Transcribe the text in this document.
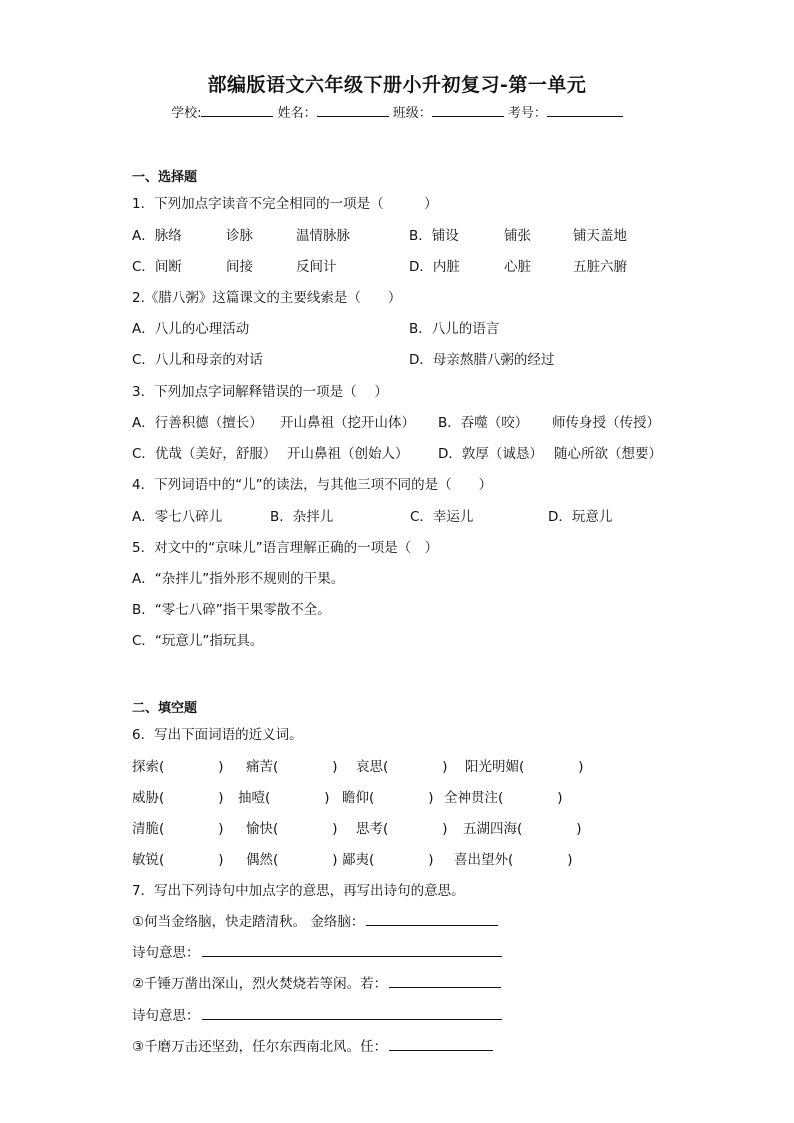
部编版语文六年级下册小升初复习-第一单元
学校:	姓名：	班级：	考号：
一、选择题
1．下列加点字读音不完全相同的一项是（　　　）
A．脉络	诊脉	温情脉脉	B．铺设	铺张	铺天盖地
C．间断	间接	反间计	D．内脏	心脏	五脏六腑
2.《腊八粥》这篇课文的主要线索是（　　）
A．八儿的心理活动	B．八儿的语言
C．八儿和母亲的对话	D．母亲熬腊八粥的经过
3．下列加点字词解释错误的一项是（　 ）
A．行善积德（擅长） 开山鼻祖（挖开山体） B．吞噬（咬） 师传身授（传授）
C．优哉（美好，舒服） 开山鼻祖（创始人） D．敦厚（诚恳） 随心所欲（想要）
4．下列词语中的“儿”的读法，与其他三项不同的是（　　）
A．零七八碎儿	B．杂拌儿	C．幸运儿	D．玩意儿
5．对文中的“京味儿”语言理解正确的一项是（　）
A．“杂拌儿”指外形不规则的干果。
B．“零七八碎”指干果零散不全。
C．“玩意儿”指玩具。
二、填空题
6．写出下面词语的近义词。
探索(　　　　) 痛苦(　　　　) 哀思(　　　　) 阳光明媚(　　　　)
威胁(　　　　) 抽噎(　　　　) 瞻仰(　　　　) 全神贯注(　　　　)
清脆(　　　　) 愉快(　　　　) 思考(　　　　) 五湖四海(　　　　)
敏锐(　　　　) 偶然(　　　　) 鄙夷(　　　　) 喜出望外(　　　　)
7．写出下列诗句中加点字的意思，再写出诗句的意思。
①何当金络脑，快走踏清秋。 金络脑：
诗句意思：
②千锤万凿出深山，烈火焚烧若等闲。若：
诗句意思：
③千磨万击还坚劲，任尔东西南北风。任：
